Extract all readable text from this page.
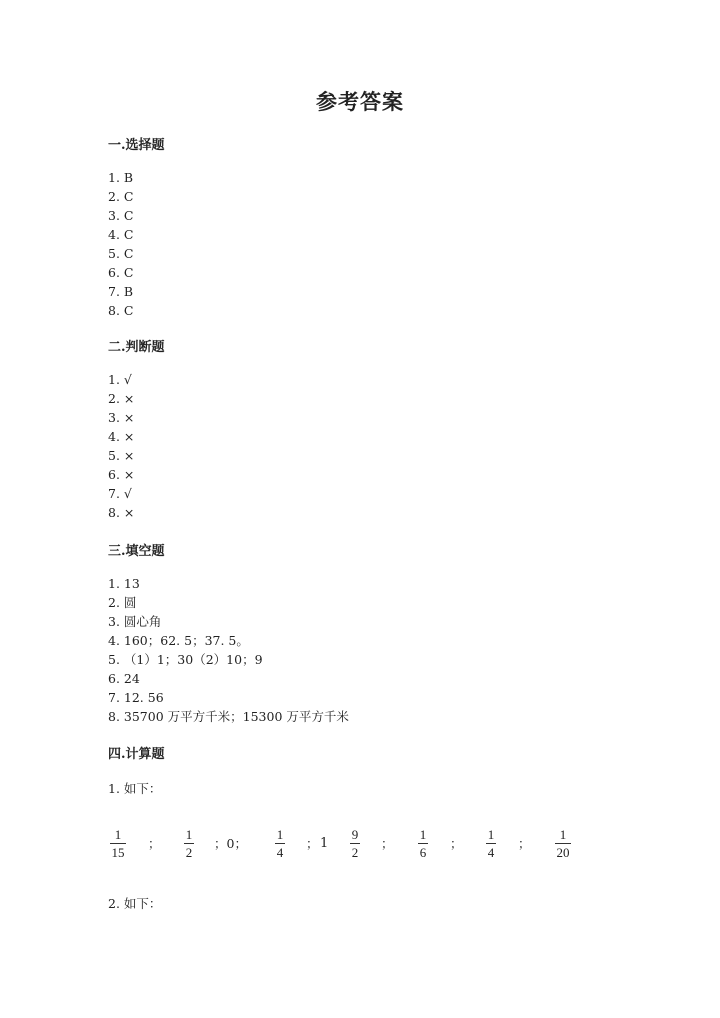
参考答案
一.选择题
1. B
2. C
3. C
4. C
5. C
6. C
7. B
8. C
二.判断题
1. √
2. ×
3. ×
4. ×
5. ×
6. ×
7. √
8. ×
三.填空题
1. 13
2. 圆
3. 圆心角
4. 160；62. 5；37. 5。
5. （1）1；30（2）10；9
6. 24
7. 12. 56
8. 35700 万平方千米；15300 万平方千米
四.计算题
1. 如下：
1
15
；
1
2
；0；
1
4
； 1
9
2
；
1
6
；
1
4
；
1
20
2. 如下：
